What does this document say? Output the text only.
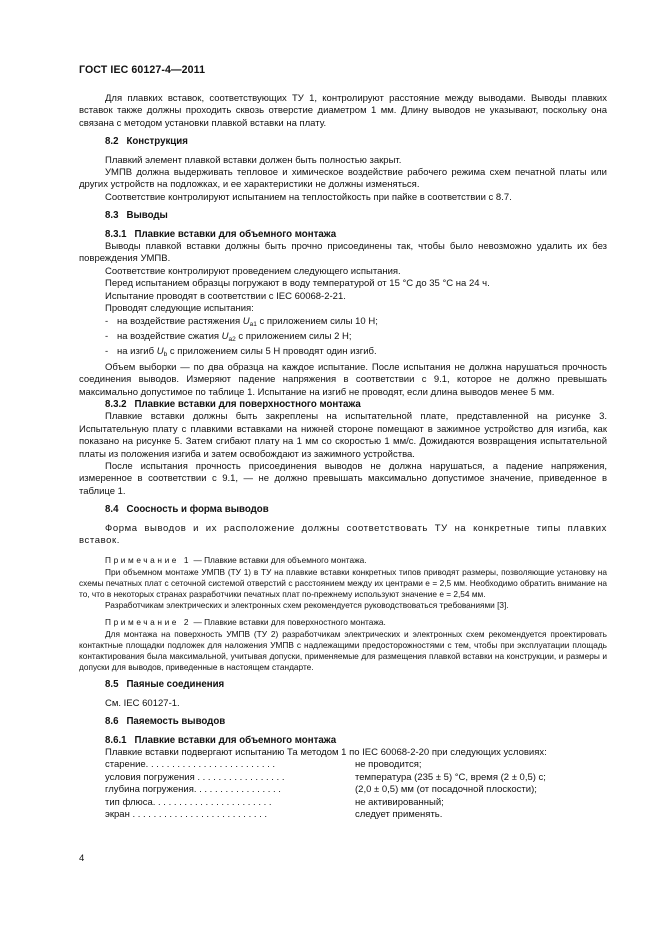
ГОСТ IEC 60127-4—2011

Для плавких вставок, соответствующих ТУ 1, контролируют расстояние между выводами. Выводы плавких вставок также должны проходить сквозь отверстие диаметром 1 мм. Длину выводов не указывают, поскольку она связана с методом установки плавкой вставки на плату.

8.2 Конструкция

Плавкий элемент плавкой вставки должен быть полностью закрыт.

УМПВ должна выдерживать тепловое и химическое воздействие рабочего режима схем печатной платы или других устройств на подложках, и ее характеристики не должны изменяться.

Соответствие контролируют испытанием на теплостойкость при пайке в соответствии с 8.7.

8.3 Выводы
8.3.1 Плавкие вставки для объемного монтажа

Выводы плавкой вставки должны быть прочно присоединены так, чтобы было невозможно удалить их без повреждения УМПВ.

Соответствие контролируют проведением следующего испытания.

Перед испытанием образцы погружают в воду температурой от 15 °С до 35 °С на 24 ч.

Испытание проводят в соответствии с IEC 60068-2-21.

Проводят следующие испытания:

- на воздействие растяжения $U_{a1}$ с приложением силы 10 Н;
- на воздействие сжатия $U_{a2}$ с приложением силы 2 Н;
- на изгиб $U_b$ с приложением силы 5 Н проводят один изгиб.

Объем выборки — по два образца на каждое испытание. После испытания не должна нарушаться прочность соединения выводов. Измеряют падение напряжения в соответствии с 9.1, которое не должно превышать максимально допустимое по таблице 1. Испытание на изгиб не проводят, если длина выводов менее 5 мм.

8.3.2 Плавкие вставки для поверхностного монтажа

Плавкие вставки должны быть закреплены на испытательной плате, представленной на рисунке 3. Испытательную плату с плавкими вставками на нижней стороне помещают в зажимное устройство для изгиба, как показано на рисунке 5. Затем сгибают плату на 1 мм со скоростью 1 мм/с. Дожидаются возвращения испытательной платы из положения изгиба и затем освобождают из зажимного устройства.

После испытания прочность присоединения выводов не должна нарушаться, а падение напряжения, измеренное в соответствии с 9.1, — не должно превышать максимально допустимое значение, приведенное в таблице 1.

8.4 Соосность и форма выводов

Форма выводов и их расположение должны соответствовать ТУ на конкретные типы плавких вставок.

Примечание 1 — Плавкие вставки для объемного монтажа.

При объемном монтаже УМПВ (ТУ 1) в ТУ на плавкие вставки конкретных типов приводят размеры, позволяющие установку на схемы печатных плат с сеточной системой отверстий с расстоянием между их центрами е = 2,5 мм. Необходимо обратить внимание на то, что в некоторых странах разработчики печатных плат по-прежнему используют значение е = 2,54 мм.

Разработчикам электрических и электронных схем рекомендуется руководствоваться требованиями [3].

Примечание 2 — Плавкие вставки для поверхностного монтажа.

Для монтажа на поверхность УМПВ (ТУ 2) разработчикам электрических и электронных схем рекомендуется проектировать контактные площадки подложек для наложения УМПВ с надлежащими предосторожностями с тем, чтобы при эксплуатации площадь контактирования была максимальной, учитывая допуски, применяемые для размещения плавкой вставки на конструкции, и размеры и допуски для выводов, приведенные в настоящем стандарте.

8.5 Паяные соединения

См. IEC 60127-1.

8.6 Паяемость выводов
8.6.1 Плавкие вставки для объемного монтажа

Плавкие вставки подвергают испытанию Та методом 1 по IEC 60068-2-20 при следующих условиях:

старение. . . . . . . . . . . . . . . . . . . . . . . . .	не проводится;
условия погружения . . . . . . . . . . . . . . . . .	температура (235 ± 5) °С, время (2 ± 0,5) с;
глубина погружения. . . . . . . . . . . . . . . . .	(2,0 ± 0,5) мм (от посадочной плоскости);
тип флюса. . . . . . . . . . . . . . . . . . . . . . .	не активированный;
экран . . . . . . . . . . . . . . . . . . . . . . . . . .	следует применять.
4
